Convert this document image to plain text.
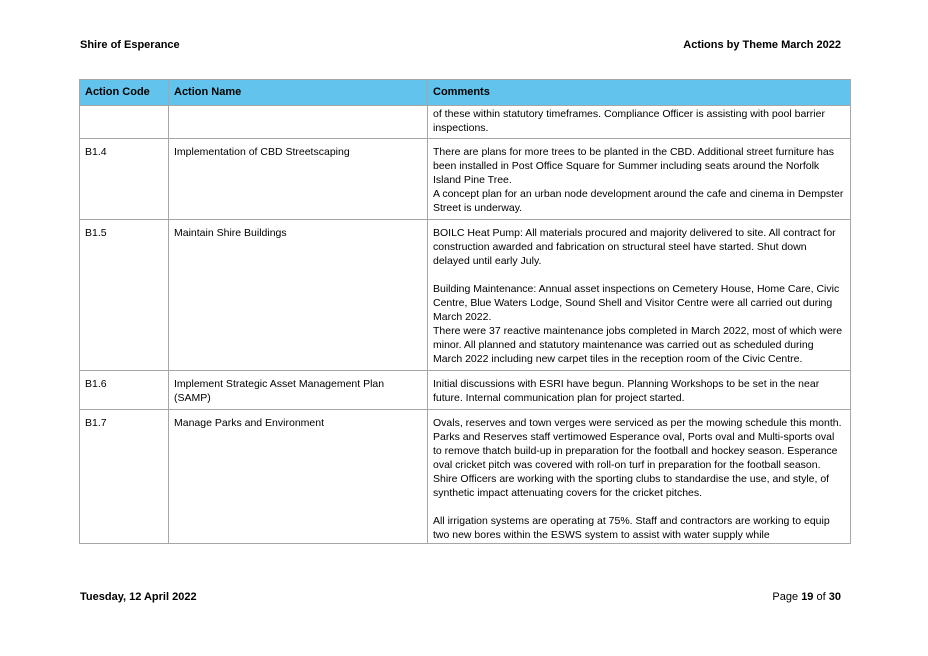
Shire of Esperance	Actions by Theme March 2022
Action Code	Action Name	Comments

		of these within statutory timeframes. Compliance Officer is assisting with pool barrier inspections.

B1.4	Implementation of CBD Streetscaping	There are plans for more trees to be planted in the CBD. Additional street furniture has been installed in Post Office Square for Summer including seats around the Norfolk Island Pine Tree.
A concept plan for an urban node development around the cafe and cinema in Dempster Street is underway.

B1.5	Maintain Shire Buildings	BOILC Heat Pump: All materials procured and majority delivered to site. All contract for construction awarded and fabrication on structural steel have started. Shut down delayed until early July.
Building Maintenance: Annual asset inspections on Cemetery House, Home Care, Civic Centre, Blue Waters Lodge, Sound Shell and Visitor Centre were all carried out during March 2022.
There were 37 reactive maintenance jobs completed in March 2022, most of which were minor. All planned and statutory maintenance was carried out as scheduled during March 2022 including new carpet tiles in the reception room of the Civic Centre.

B1.6	Implement Strategic Asset Management Plan (SAMP)	Initial discussions with ESRI have begun. Planning Workshops to be set in the near future. Internal communication plan for project started.

B1.7	Manage Parks and Environment	Ovals, reserves and town verges were serviced as per the mowing schedule this month. Parks and Reserves staff vertimowed Esperance oval, Ports oval and Multi-sports oval to remove thatch build-up in preparation for the football and hockey season. Esperance oval cricket pitch was covered with roll-on turf in preparation for the football season. Shire Officers are working with the sporting clubs to standardise the use, and style, of synthetic impact attenuating covers for the cricket pitches.
All irrigation systems are operating at 75%. Staff and contractors are working to equip two new bores within the ESWS system to assist with water supply while
Tuesday, 12 April 2022	Page 19 of 30
